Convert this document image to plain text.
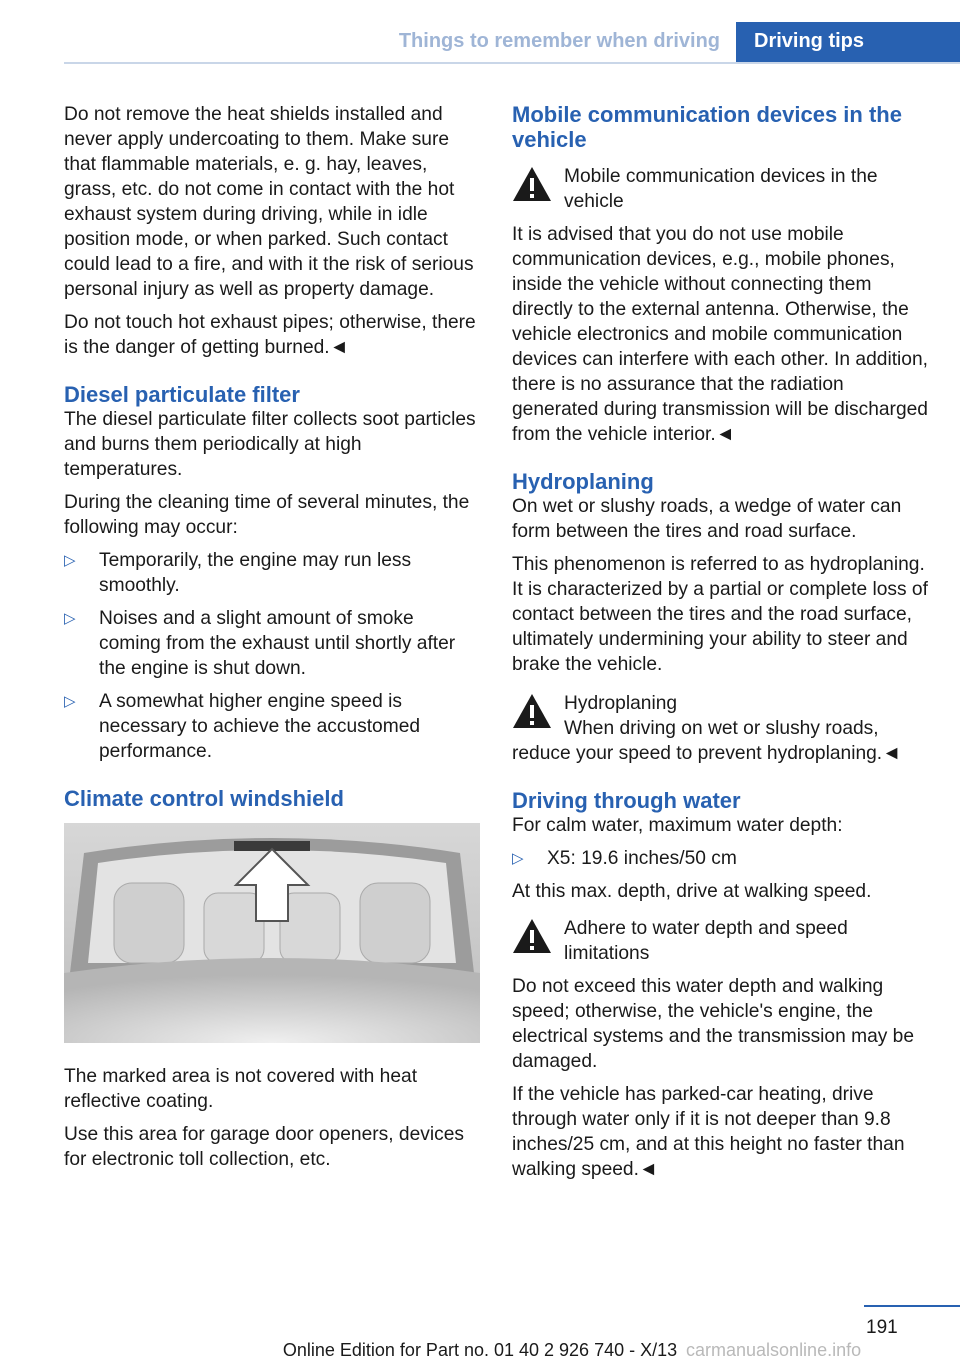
Things to remember when driving	Driving tips

Do not remove the heat shields installed and never apply undercoating to them. Make sure that flammable materials, e. g. hay, leaves, grass, etc. do not come in contact with the hot exhaust system during driving, while in idle position mode, or when parked. Such contact could lead to a fire, and with it the risk of serious personal injury as well as property damage.

Do not touch hot exhaust pipes; otherwise, there is the danger of getting burned.◄

Diesel particulate filter

The diesel particulate filter collects soot particles and burns them periodically at high temperatures.

During the cleaning time of several minutes, the following may occur:

▷ Temporarily, the engine may run less smoothly.
▷ Noises and a slight amount of smoke coming from the exhaust until shortly after the engine is shut down.
▷ A somewhat higher engine speed is necessary to achieve the accustomed performance.
Climate control windshield

The marked area is not covered with heat reflective coating.

Use this area for garage door openers, devices for electronic toll collection, etc.

Mobile communication devices in the vehicle
Mobile communication devices in the vehicle

It is advised that you do not use mobile communication devices, e.g., mobile phones, inside the vehicle without connecting them directly to the external antenna. Otherwise, the vehicle electronics and mobile communication devices can interfere with each other. In addition, there is no assurance that the radiation generated during transmission will be discharged from the vehicle interior.◄

Hydroplaning

On wet or slushy roads, a wedge of water can form between the tires and road surface.

This phenomenon is referred to as hydroplaning. It is characterized by a partial or complete loss of contact between the tires and the road surface, ultimately undermining your ability to steer and brake the vehicle.

Hydroplaning
When driving on wet or slushy roads, reduce your speed to prevent hydroplaning.◄
Driving through water

For calm water, maximum water depth:

▷ X5: 19.6 inches/50 cm

At this max. depth, drive at walking speed.

Adhere to water depth and speed limitations

Do not exceed this water depth and walking speed; otherwise, the vehicle's engine, the electrical systems and the transmission may be damaged.

If the vehicle has parked-car heating, drive through water only if it is not deeper than 9.8 inches/25 cm, and at this height no faster than walking speed.◄

191
Online Edition for Part no. 01 40 2 926 740 - X/13 carmanualsonline.info
